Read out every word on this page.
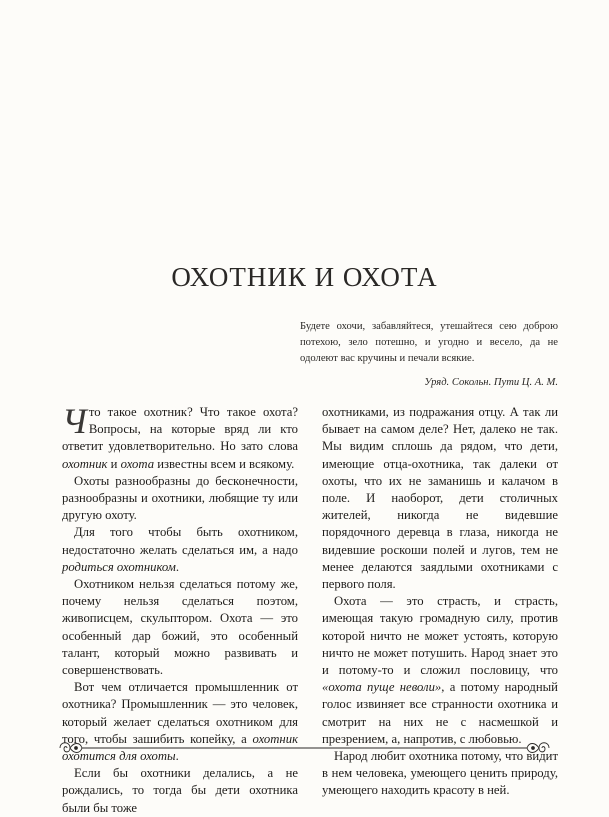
ОХОТНИК И ОХОТА

Будете охочи, забавляйтеся, утешайтеся сею доброю потехою, зело потешно, и угодно и весело, да не одолеют вас кручины и печали всякие.

Уряд. Сокольн. Пути Ц. А. М.

Что такое охотник? Что такое охота? Вопросы, на которые вряд ли кто ответит удовлетворительно. Но зато слова охотник и охота известны всем и всякому.

Охоты разнообразны до бесконечности, разнообразны и охотники, любящие ту или другую охоту.

Для того чтобы быть охотником, недостаточно желать сделаться им, а надо родиться охотником.

Охотником нельзя сделаться потому же, почему нельзя сделаться поэтом, живописцем, скульптором. Охота — это особенный дар божий, это особенный талант, который можно развивать и совершенствовать.

Вот чем отличается промышленник от охотника? Промышленник — это человек, который желает сделаться охотником для того, чтобы зашибить копейку, а охотник охотится для охоты.

Если бы охотники делались, а не рождались, то тогда бы дети охотника были бы тоже

охотниками, из подражания отцу. А так ли бывает на самом деле? Нет, далеко не так. Мы видим сплошь да рядом, что дети, имеющие отца-охотника, так далеки от охоты, что их не заманишь и калачом в поле. И наоборот, дети столичных жителей, никогда не видевшие порядочного деревца в глаза, никогда не видевшие роскоши полей и лугов, тем не менее делаются заядлыми охотниками с первого поля.

Охота — это страсть, и страсть, имеющая такую громадную силу, против которой ничто не может устоять, которую ничто не может потушить. Народ знает это и потому-то и сложил пословицу, что «охота пуще неволи», а потому народный голос извиняет все странности охотника и смотрит на них не с насмешкой и презрением, а, напротив, с любовью.

Народ любит охотника потому, что видит в нем человека, умеющего ценить природу, умеющего находить красоту в ней.
